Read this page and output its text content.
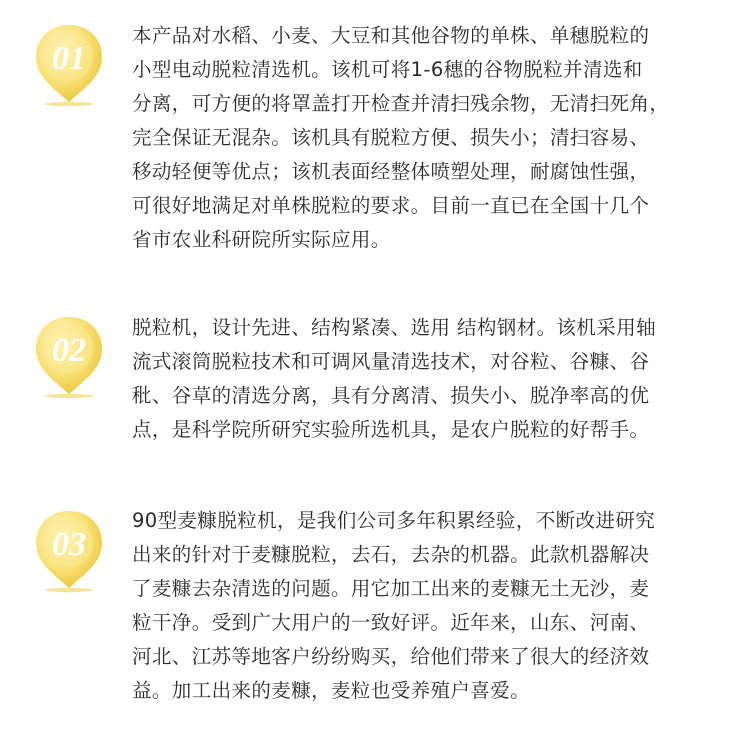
01

本产品对水稻、小麦、大豆和其他谷物的单株、单穗脱粒的
小型电动脱粒清选机。该机可将1-6穗的谷物脱粒并清选和
分离，可方便的将罩盖打开检查并清扫残余物，无清扫死角，
完全保证无混杂。该机具有脱粒方便、损失小；清扫容易、
移动轻便等优点；该机表面经整体喷塑处理，耐腐蚀性强，
可很好地满足对单株脱粒的要求。目前一直已在全国十几个
省市农业科研院所实际应用。

02

脱粒机，设计先进、结构紧凑、选用 结构钢材。该机采用轴
流式滚筒脱粒技术和可调风量清选技术，对谷粒、谷糠、谷
秕、谷草的清选分离，具有分离清、损失小、脱净率高的优
点，是科学院所研究实验所选机具，是农户脱粒的好帮手。

03

90型麦糠脱粒机，是我们公司多年积累经验，不断改进研究
出来的针对于麦糠脱粒，去石，去杂的机器。此款机器解决
了麦糠去杂清选的问题。用它加工出来的麦糠无土无沙，麦
粒干净。受到广大用户的一致好评。近年来，山东、河南、
河北、江苏等地客户纷纷购买，给他们带来了很大的经济效
益。加工出来的麦糠，麦粒也受养殖户喜爱。
